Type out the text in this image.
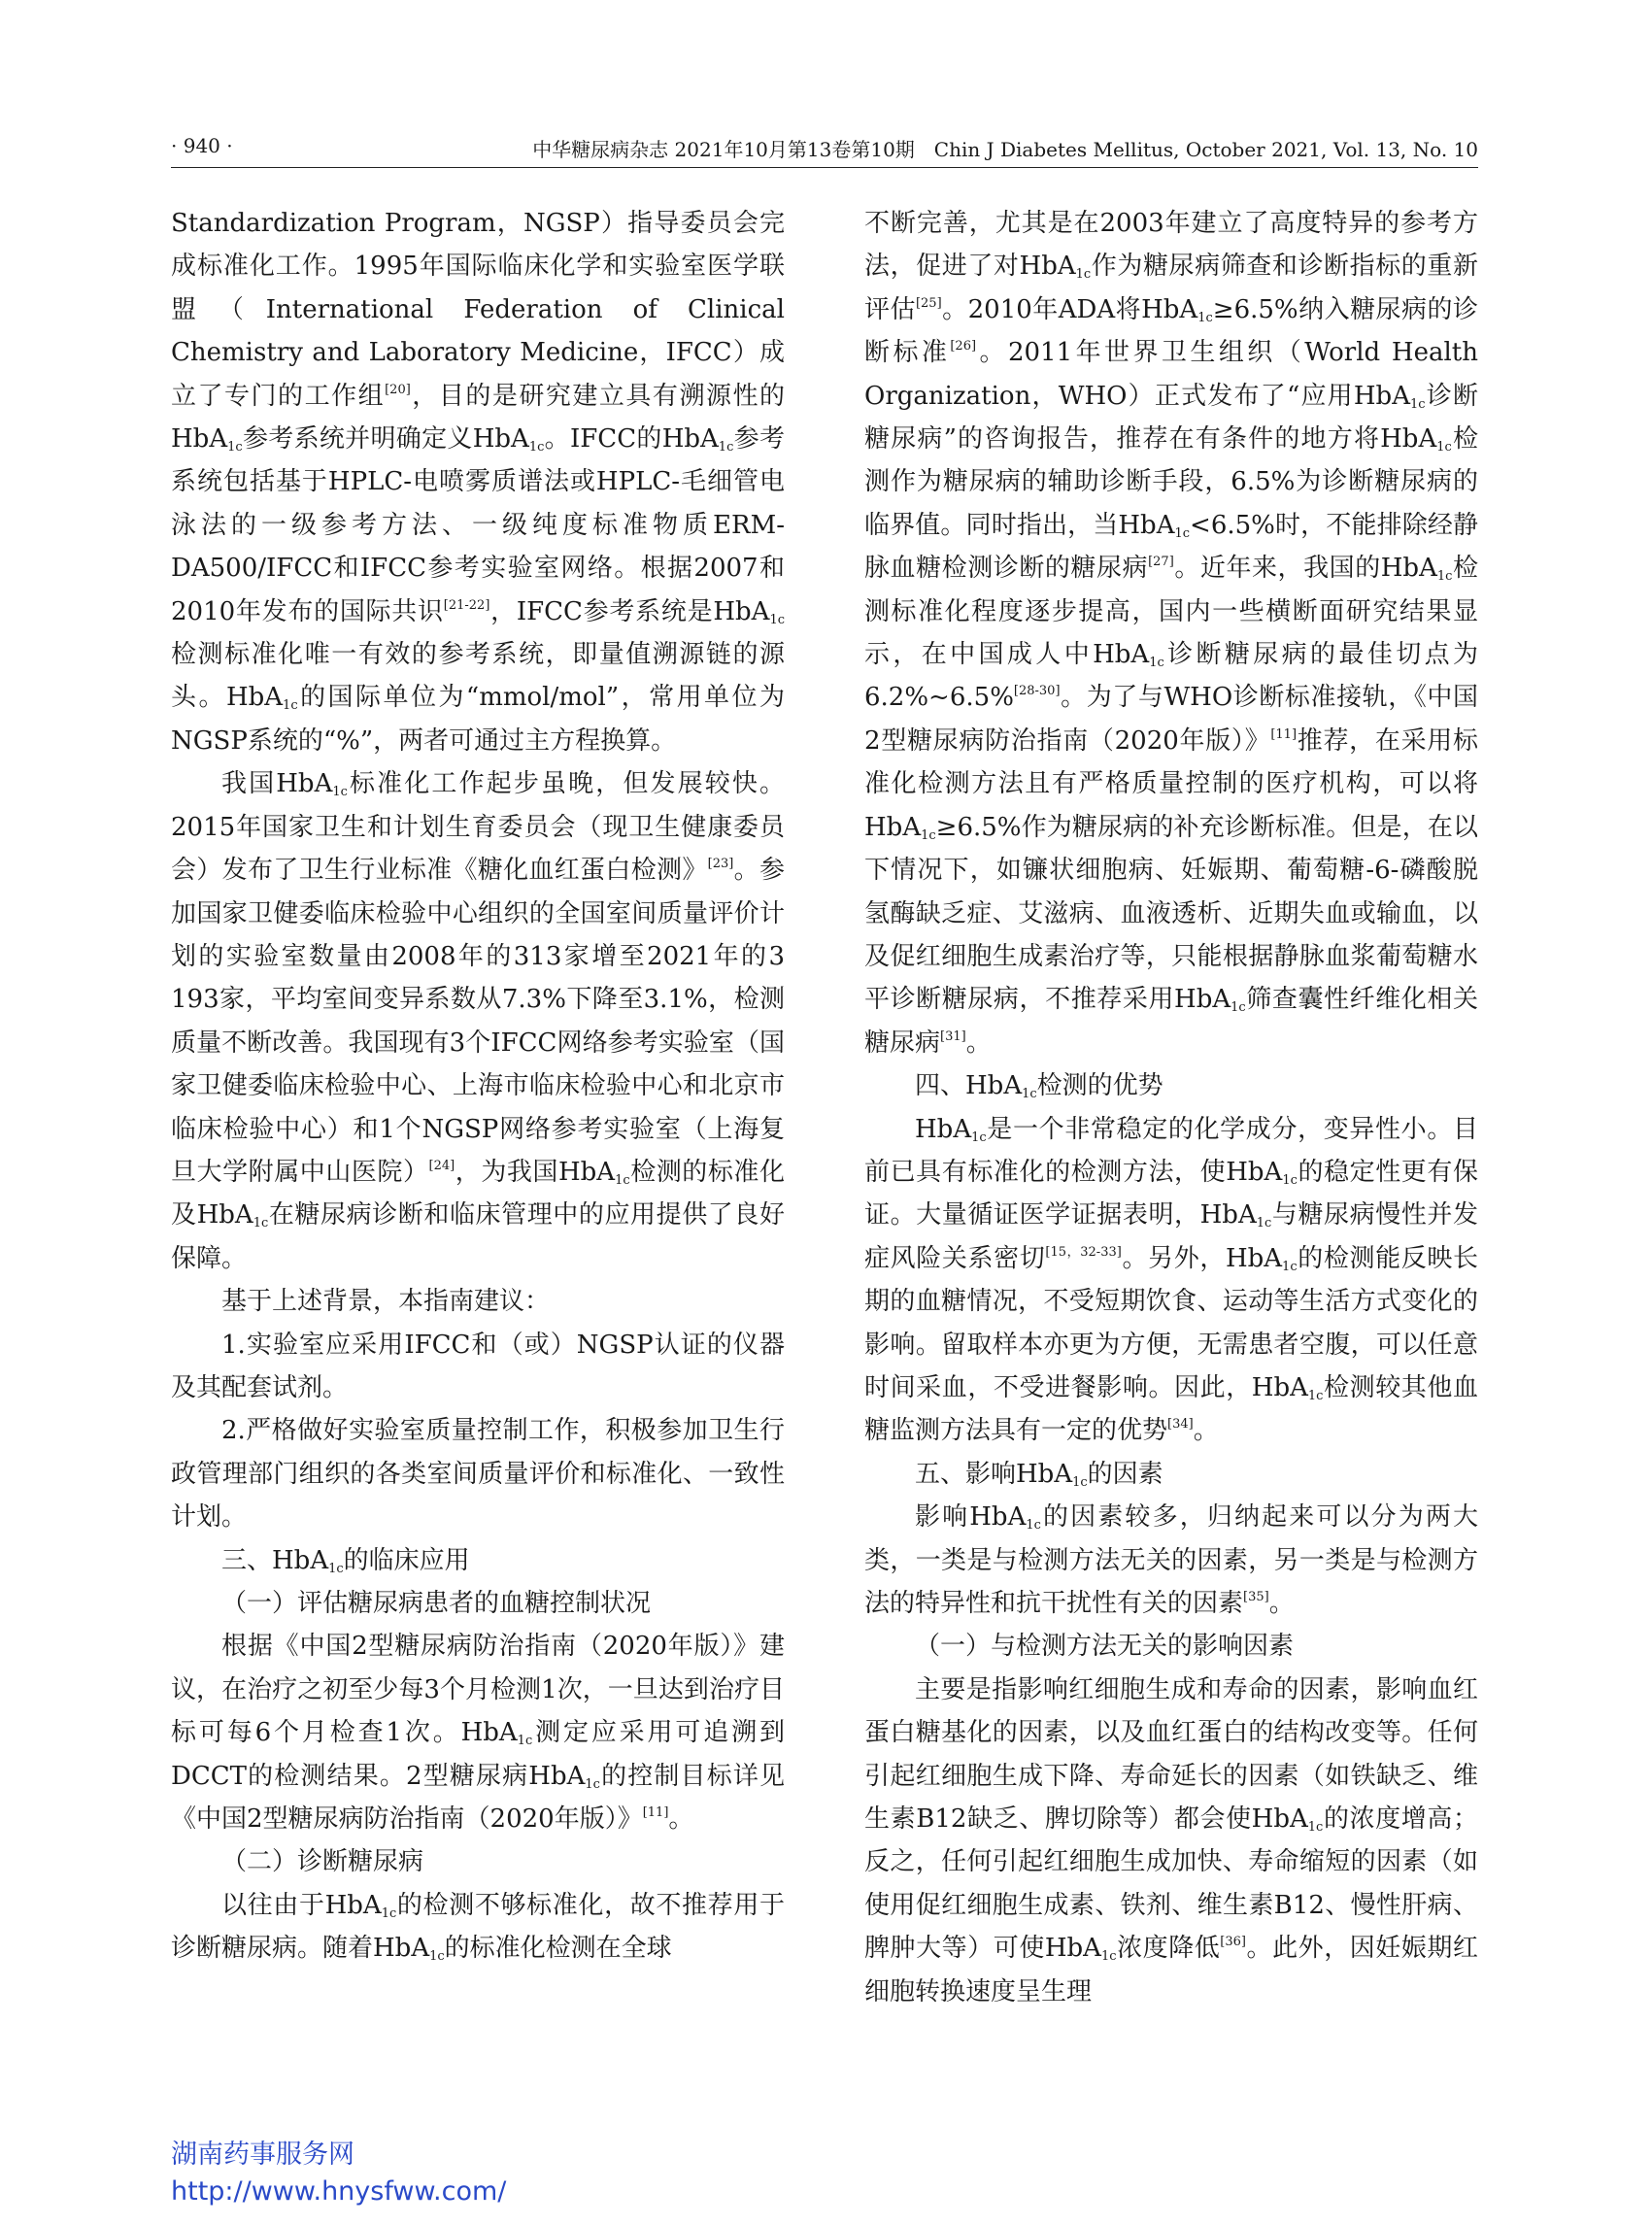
· 940 ·	中华糖尿病杂志 2021年10月第13卷第10期　Chin J Diabetes Mellitus, October 2021, Vol. 13, No. 10

Standardization Program，NGSP）指导委员会完成标准化工作。1995年国际临床化学和实验室医学联盟（International Federation of Clinical Chemistry and Laboratory Medicine，IFCC）成立了专门的工作组[20]，目的是研究建立具有溯源性的HbA$_{1c}$参考系统并明确定义HbA$_{1c}$。IFCC的HbA$_{1c}$参考系统包括基于HPLC-电喷雾质谱法或HPLC-毛细管电泳法的一级参考方法、一级纯度标准物质ERM-DA500/IFCC和IFCC参考实验室网络。根据2007和2010年发布的国际共识[21-22]，IFCC参考系统是HbA$_{1c}$检测标准化唯一有效的参考系统，即量值溯源链的源头。HbA$_{1c}$的国际单位为“mmol/mol”，常用单位为NGSP系统的“%”，两者可通过主方程换算。

我国HbA$_{1c}$标准化工作起步虽晚，但发展较快。2015年国家卫生和计划生育委员会（现卫生健康委员会）发布了卫生行业标准《糖化血红蛋白检测》[23]。参加国家卫健委临床检验中心组织的全国室间质量评价计划的实验室数量由2008年的313家增至2021年的3 193家，平均室间变异系数从7.3%下降至3.1%，检测质量不断改善。我国现有3个IFCC网络参考实验室（国家卫健委临床检验中心、上海市临床检验中心和北京市临床检验中心）和1个NGSP网络参考实验室（上海复旦大学附属中山医院）[24]，为我国HbA$_{1c}$检测的标准化及HbA$_{1c}$在糖尿病诊断和临床管理中的应用提供了良好保障。

基于上述背景，本指南建议：

1.实验室应采用IFCC和（或）NGSP认证的仪器及其配套试剂。

2.严格做好实验室质量控制工作，积极参加卫生行政管理部门组织的各类室间质量评价和标准化、一致性计划。

三、HbA$_{1c}$的临床应用

（一）评估糖尿病患者的血糖控制状况

根据《中国2型糖尿病防治指南（2020年版）》建议，在治疗之初至少每3个月检测1次，一旦达到治疗目标可每6个月检查1次。HbA$_{1c}$测定应采用可追溯到DCCT的检测结果。2型糖尿病HbA$_{1c}$的控制目标详见《中国2型糖尿病防治指南（2020年版）》[11]。

（二）诊断糖尿病

以往由于HbA$_{1c}$的检测不够标准化，故不推荐用于诊断糖尿病。随着HbA$_{1c}$的标准化检测在全球

不断完善，尤其是在2003年建立了高度特异的参考方法，促进了对HbA$_{1c}$作为糖尿病筛查和诊断指标的重新评估[25]。2010年ADA将HbA$_{1c}$≥6.5%纳入糖尿病的诊断标准[26]。2011年世界卫生组织（World Health Organization，WHO）正式发布了“应用HbA$_{1c}$诊断糖尿病”的咨询报告，推荐在有条件的地方将HbA$_{1c}$检测作为糖尿病的辅助诊断手段，6.5%为诊断糖尿病的临界值。同时指出，当HbA$_{1c}$<6.5%时，不能排除经静脉血糖检测诊断的糖尿病[27]。近年来，我国的HbA$_{1c}$检测标准化程度逐步提高，国内一些横断面研究结果显示，在中国成人中HbA$_{1c}$诊断糖尿病的最佳切点为6.2%~6.5%[28-30]。为了与WHO诊断标准接轨，《中国2型糖尿病防治指南（2020年版）》[11]推荐，在采用标准化检测方法且有严格质量控制的医疗机构，可以将HbA$_{1c}$≥6.5%作为糖尿病的补充诊断标准。但是，在以下情况下，如镰状细胞病、妊娠期、葡萄糖-6-磷酸脱氢酶缺乏症、艾滋病、血液透析、近期失血或输血，以及促红细胞生成素治疗等，只能根据静脉血浆葡萄糖水平诊断糖尿病，不推荐采用HbA$_{1c}$筛查囊性纤维化相关糖尿病[31]。

四、HbA$_{1c}$检测的优势

HbA$_{1c}$是一个非常稳定的化学成分，变异性小。目前已具有标准化的检测方法，使HbA$_{1c}$的稳定性更有保证。大量循证医学证据表明，HbA$_{1c}$与糖尿病慢性并发症风险关系密切[15，32-33]。另外，HbA$_{1c}$的检测能反映长期的血糖情况，不受短期饮食、运动等生活方式变化的影响。留取样本亦更为方便，无需患者空腹，可以任意时间采血，不受进餐影响。因此，HbA$_{1c}$检测较其他血糖监测方法具有一定的优势[34]。

五、影响HbA$_{1c}$的因素

影响HbA$_{1c}$的因素较多，归纳起来可以分为两大类，一类是与检测方法无关的因素，另一类是与检测方法的特异性和抗干扰性有关的因素[35]。

（一）与检测方法无关的影响因素

主要是指影响红细胞生成和寿命的因素，影响血红蛋白糖基化的因素，以及血红蛋白的结构改变等。任何引起红细胞生成下降、寿命延长的因素（如铁缺乏、维生素B12缺乏、脾切除等）都会使HbA$_{1c}$的浓度增高；反之，任何引起红细胞生成加快、寿命缩短的因素（如使用促红细胞生成素、铁剂、维生素B12、慢性肝病、脾肿大等）可使HbA$_{1c}$浓度降低[36]。此外，因妊娠期红细胞转换速度呈生理

湖南药事服务网
http://www.hnysfww.com/
